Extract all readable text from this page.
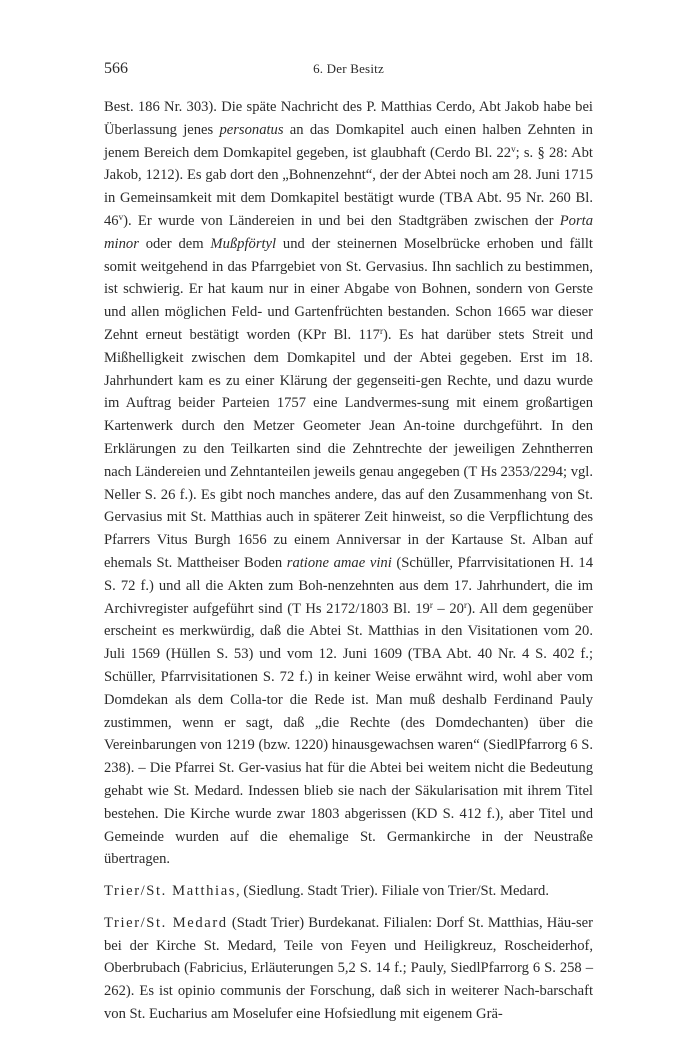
566	6. Der Besitz

Best. 186 Nr. 303). Die späte Nachricht des P. Matthias Cerdo, Abt Jakob habe bei Überlassung jenes personatus an das Domkapitel auch einen halben Zehnten in jenem Bereich dem Domkapitel gegeben, ist glaubhaft (Cerdo Bl. 22$^v$; s. § 28: Abt Jakob, 1212). Es gab dort den „Bohnenzehnt“, der der Abtei noch am 28. Juni 1715 in Gemeinsamkeit mit dem Domkapitel bestätigt wurde (TBA Abt. 95 Nr. 260 Bl. 46$^v$). Er wurde von Ländereien in und bei den Stadtgräben zwischen der Porta minor oder dem Mußpförtyl und der steinernen Moselbrücke erhoben und fällt somit weitgehend in das Pfarrgebiet von St. Gervasius. Ihn sachlich zu bestimmen, ist schwierig. Er hat kaum nur in einer Abgabe von Bohnen, sondern von Gerste und allen möglichen Feld- und Gartenfrüchten bestanden. Schon 1665 war dieser Zehnt erneut bestätigt worden (KPr Bl. 117$^r$). Es hat darüber stets Streit und Mißhelligkeit zwischen dem Domkapitel und der Abtei gegeben. Erst im 18. Jahrhundert kam es zu einer Klärung der gegenseiti-gen Rechte, und dazu wurde im Auftrag beider Parteien 1757 eine Landvermes-sung mit einem großartigen Kartenwerk durch den Metzer Geometer Jean An-toine durchgeführt. In den Erklärungen zu den Teilkarten sind die Zehntrechte der jeweiligen Zehntherren nach Ländereien und Zehntanteilen jeweils genau angegeben (T Hs 2353/2294; vgl. Neller S. 26 f.). Es gibt noch manches andere, das auf den Zusammenhang von St. Gervasius mit St. Matthias auch in späterer Zeit hinweist, so die Verpflichtung des Pfarrers Vitus Burgh 1656 zu einem Anniversar in der Kartause St. Alban auf ehemals St. Mattheiser Boden ratione amae vini (Schüller, Pfarrvisitationen H. 14 S. 72 f.) und all die Akten zum Boh-nenzehnten aus dem 17. Jahrhundert, die im Archivregister aufgeführt sind (T Hs 2172/1803 Bl. 19$^r$ – 20$^r$). All dem gegenüber erscheint es merkwürdig, daß die Abtei St. Matthias in den Visitationen vom 20. Juli 1569 (Hüllen S. 53) und vom 12. Juni 1609 (TBA Abt. 40 Nr. 4 S. 402 f.; Schüller, Pfarrvisitationen S. 72 f.) in keiner Weise erwähnt wird, wohl aber vom Domdekan als dem Colla-tor die Rede ist. Man muß deshalb Ferdinand Pauly zustimmen, wenn er sagt, daß „die Rechte (des Domdechanten) über die Vereinbarungen von 1219 (bzw. 1220) hinausgewachsen waren“ (SiedlPfarrorg 6 S. 238). – Die Pfarrei St. Ger-vasius hat für die Abtei bei weitem nicht die Bedeutung gehabt wie St. Medard. Indessen blieb sie nach der Säkularisation mit ihrem Titel bestehen. Die Kirche wurde zwar 1803 abgerissen (KD S. 412 f.), aber Titel und Gemeinde wurden auf die ehemalige St. Germankirche in der Neustraße übertragen.

Trier/St. Matthias, (Siedlung. Stadt Trier). Filiale von Trier/St. Medard.

Trier/St. Medard (Stadt Trier) Burdekanat. Filialen: Dorf St. Matthias, Häu-ser bei der Kirche St. Medard, Teile von Feyen und Heiligkreuz, Roscheiderhof, Oberbrubach (Fabricius, Erläuterungen 5,2 S. 14 f.; Pauly, SiedlPfarrorg 6 S. 258 – 262). Es ist opinio communis der Forschung, daß sich in weiterer Nach-barschaft von St. Eucharius am Moselufer eine Hofsiedlung mit eigenem Grä-
